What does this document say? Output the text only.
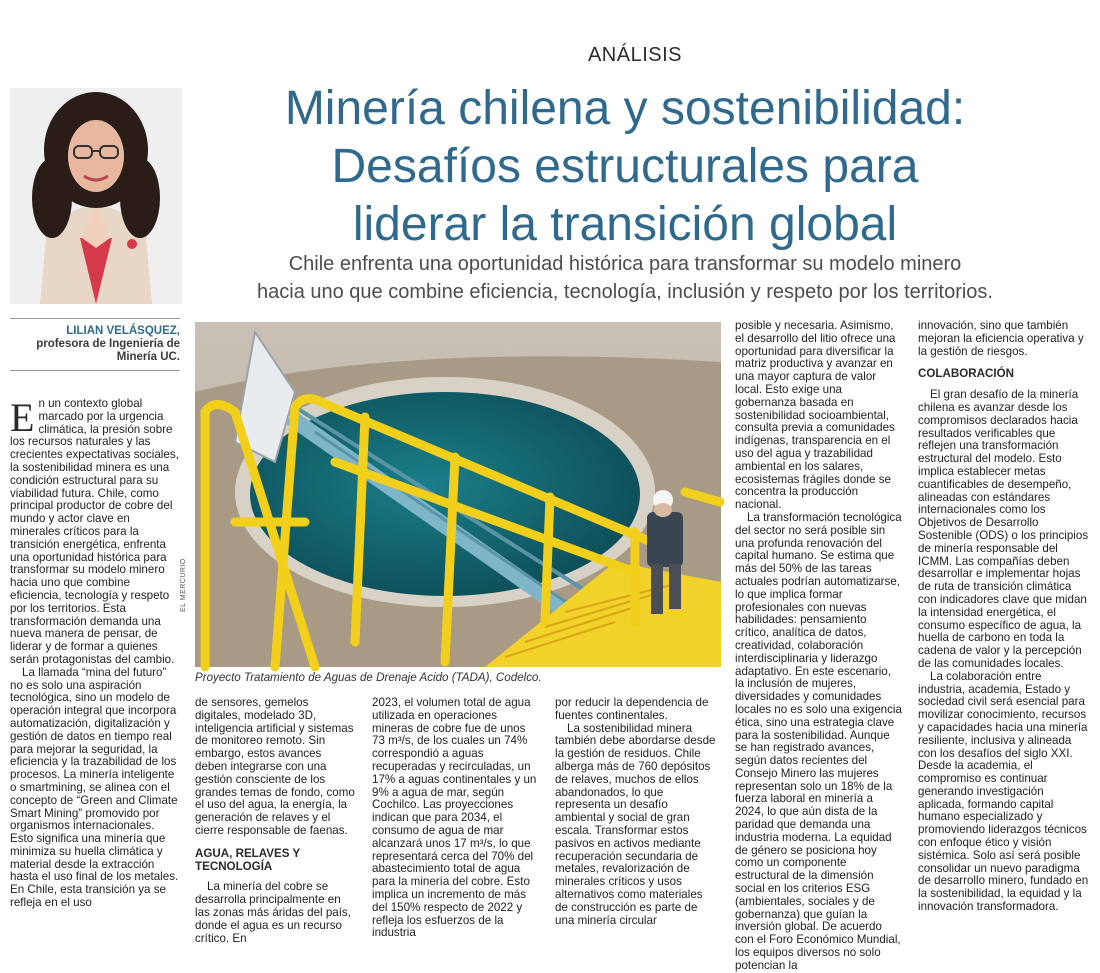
ANÁLISIS
Minería chilena y sostenibilidad:
Desafíos estructurales para
liderar la transición global
Chile enfrenta una oportunidad histórica para transformar su modelo minero
hacia uno que combine eficiencia, tecnología, inclusión y respeto por los territorios.
LILIAN VELÁSQUEZ,
profesora de Ingeniería de
Minería UC.
EL MERCURIO
Proyecto Tratamiento de Aguas de Drenaje Acido (TADA), Codelco.

En un contexto global marcado por la urgencia climática, la presión sobre los recursos naturales y las crecientes expectativas sociales, la sostenibilidad minera es una condición estructural para su viabilidad futura. Chile, como principal productor de cobre del mundo y actor clave en minerales críticos para la transición energética, enfrenta una oportunidad histórica para transformar su modelo minero hacia uno que combine eficiencia, tecnología y respeto por los territorios. Esta transformación demanda una nueva manera de pensar, de liderar y de formar a quienes serán protagonistas del cambio.

La llamada “mina del futuro” no es solo una aspiración tecnológica, sino un modelo de operación integral que incorpora automatización, digitalización y gestión de datos en tiempo real para mejorar la seguridad, la eficiencia y la trazabilidad de los procesos. La minería inteligente o smartmining, se alinea con el concepto de “Green and Climate Smart Mining” promovido por organismos internacionales. Esto significa una minería que minimiza su huella climática y material desde la extracción hasta el uso final de los metales. En Chile, esta transición ya se refleja en el uso

de sensores, gemelos digitales, modelado 3D, inteligencia artificial y sistemas de monitoreo remoto. Sin embargo, estos avances deben integrarse con una gestión consciente de los grandes temas de fondo, como el uso del agua, la energía, la generación de relaves y el cierre responsable de faenas.

AGUA, RELAVES Y TECNOLOGÍA

La minería del cobre se desarrolla principalmente en las zonas más áridas del país, donde el agua es un recurso crítico. En

2023, el volumen total de agua utilizada en operaciones mineras de cobre fue de unos 73 m³/s, de los cuales un 74% correspondió a aguas recuperadas y recirculadas, un 17% a aguas continentales y un 9% a agua de mar, según Cochilco. Las proyecciones indican que para 2034, el consumo de agua de mar alcanzará unos 17 m³/s, lo que representará cerca del 70% del abastecimiento total de agua para la minería del cobre. Esto implica un incremento de más del 150% respecto de 2022 y refleja los esfuerzos de la industria

por reducir la dependencia de fuentes continentales.

La sostenibilidad minera también debe abordarse desde la gestión de residuos. Chile alberga más de 760 depósitos de relaves, muchos de ellos abandonados, lo que representa un desafío ambiental y social de gran escala. Transformar estos pasivos en activos mediante recuperación secundaria de metales, revalorización de minerales críticos y usos alternativos como materiales de construcción es parte de una minería circular

posible y necesaria. Asimismo, el desarrollo del litio ofrece una oportunidad para diversificar la matriz productiva y avanzar en una mayor captura de valor local. Esto exige una gobernanza basada en sostenibilidad socioambiental, consulta previa a comunidades indígenas, transparencia en el uso del agua y trazabilidad ambiental en los salares, ecosistemas frágiles donde se concentra la producción nacional.

La transformación tecnológica del sector no será posible sin una profunda renovación del capital humano. Se estima que más del 50% de las tareas actuales podrían automatizarse, lo que implica formar profesionales con nuevas habilidades: pensamiento crítico, analítica de datos, creatividad, colaboración interdisciplinaria y liderazgo adaptativo. En este escenario, la inclusión de mujeres, diversidades y comunidades locales no es solo una exigencia ética, sino una estrategia clave para la sostenibilidad. Aunque se han registrado avances, según datos recientes del Consejo Minero las mujeres representan solo un 18% de la fuerza laboral en minería a 2024, lo que aún dista de la paridad que demanda una industria moderna. La equidad de género se posiciona hoy como un componente estructural de la dimensión social en los criterios ESG (ambientales, sociales y de gobernanza) que guían la inversión global. De acuerdo con el Foro Económico Mundial, los equipos diversos no solo potencian la

innovación, sino que también mejoran la eficiencia operativa y la gestión de riesgos.

COLABORACIÓN

El gran desafío de la minería chilena es avanzar desde los compromisos declarados hacia resultados verificables que reflejen una transformación estructural del modelo. Esto implica establecer metas cuantificables de desempeño, alineadas con estándares internacionales como los Objetivos de Desarrollo Sostenible (ODS) o los principios de minería responsable del ICMM. Las compañías deben desarrollar e implementar hojas de ruta de transición climática con indicadores clave que midan la intensidad energética, el consumo específico de agua, la huella de carbono en toda la cadena de valor y la percepción de las comunidades locales.

La colaboración entre industria, academia, Estado y sociedad civil será esencial para movilizar conocimiento, recursos y capacidades hacia una minería resiliente, inclusiva y alineada con los desafíos del siglo XXI. Desde la academia, el compromiso es continuar generando investigación aplicada, formando capital humano especializado y promoviendo liderazgos técnicos con enfoque ético y visión sistémica. Solo así será posible consolidar un nuevo paradigma de desarrollo minero, fundado en la sostenibilidad, la equidad y la innovación transformadora.
